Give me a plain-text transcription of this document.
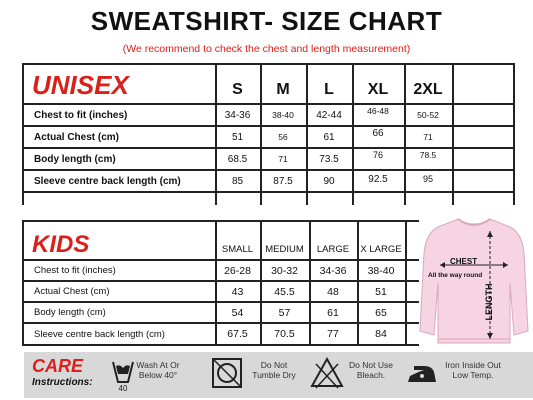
SWEATSHIRT- SIZE CHART
(We recommend to check the chest and length measurement)
UNISEX	S	M	L	XL	2XL
Chest to fit (inches)	34-36	38-40	42-44	46-48	50-52
Actual Chest (cm)	51	56	61	66	71
Body length (cm)	68.5	71	73.5	76	78.5
Sleeve centre back length (cm)	85	87.5	90	92.5	95
KIDS	SMALL	MEDIUM	LARGE	X LARGE
Chest to fit (inches)	26-28	30-32	34-36	38-40
Actual Chest (cm)	43	45.5	48	51
Body length (cm)	54	57	61	65
Sleeve centre back length (cm)	67.5	70.5	77	84
CHEST
All the way round
LENGTH
CARE
Instructions:
40
Wash At Or Below 40°
Do Not Tumble Dry
Do Not Use Bleach.
Iron Inside Out Low Temp.
